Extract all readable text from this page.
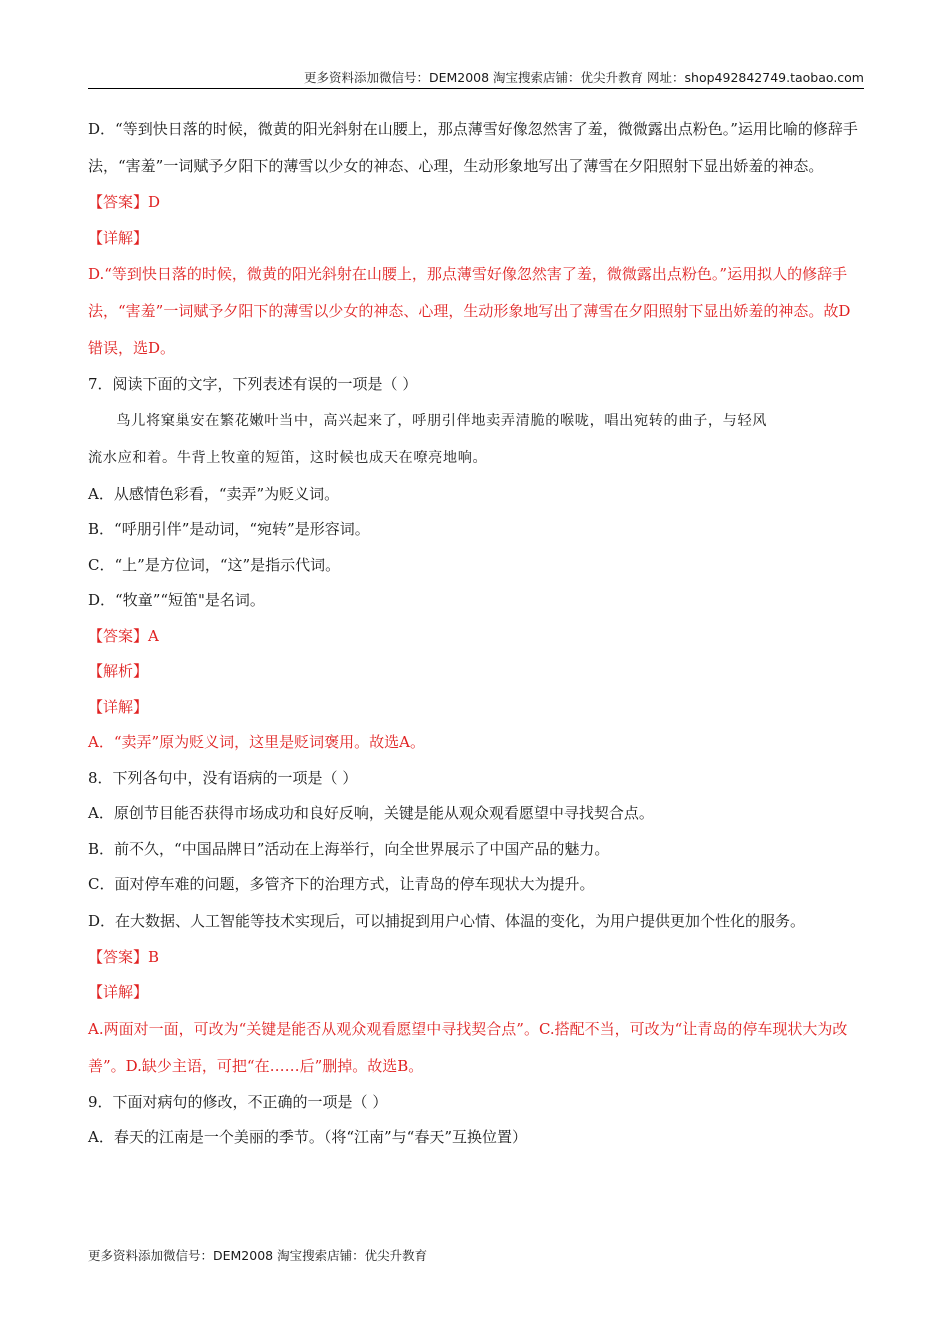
更多资料添加微信号：DEM2008 淘宝搜索店铺：优尖升教育 网址：shop492842749.taobao.com

D．“等到快日落的时候，微黄的阳光斜射在山腰上，那点薄雪好像忽然害了羞，微微露出点粉色。”运用比喻的修辞手法，“害羞”一词赋予夕阳下的薄雪以少女的神态、心理，生动形象地写出了薄雪在夕阳照射下显出娇羞的神态。

【答案】D

【详解】

D.“等到快日落的时候，微黄的阳光斜射在山腰上，那点薄雪好像忽然害了羞，微微露出点粉色。”运用拟人的修辞手法，“害羞”一词赋予夕阳下的薄雪以少女的神态、心理，生动形象地写出了薄雪在夕阳照射下显出娇羞的神态。故D错误，选D。

7．阅读下面的文字，下列表述有误的一项是（ ）

鸟儿将窠巢安在繁花嫩叶当中，高兴起来了，呼朋引伴地卖弄清脆的喉咙，唱出宛转的曲子，与轻风

流水应和着。牛背上牧童的短笛，这时候也成天在嘹亮地响。

A．从感情色彩看，“卖弄”为贬义词。

B．“呼朋引伴”是动词，“宛转”是形容词。

C．“上”是方位词，“这”是指示代词。

D．“牧童”“短笛"是名词。

【答案】A

【解析】

【详解】

A．“卖弄”原为贬义词，这里是贬词褒用。故选A。

8．下列各句中，没有语病的一项是（ ）

A．原创节目能否获得市场成功和良好反响，关键是能从观众观看愿望中寻找契合点。

B．前不久，“中国品牌日”活动在上海举行，向全世界展示了中国产品的魅力。

C．面对停车难的问题，多管齐下的治理方式，让青岛的停车现状大为提升。

D．在大数据、人工智能等技术实现后，可以捕捉到用户心情、体温的变化，为用户提供更加个性化的服务。

【答案】B

【详解】

A.两面对一面，可改为“关键是能否从观众观看愿望中寻找契合点”。C.搭配不当，可改为“让青岛的停车现状大为改善”。D.缺少主语，可把“在……后”删掉。故选B。

9．下面对病句的修改，不正确的一项是（ ）

A．春天的江南是一个美丽的季节。（将“江南”与“春天”互换位置）

更多资料添加微信号：DEM2008 淘宝搜索店铺：优尖升教育
